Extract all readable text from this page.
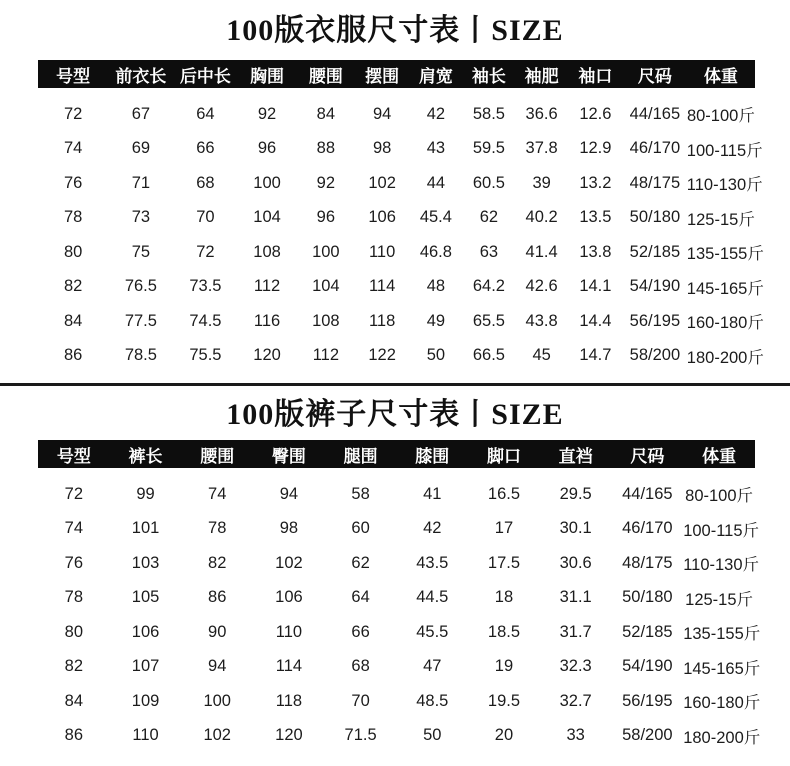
100版衣服尺寸表丨SIZE
号型	前衣长	后中长	胸围	腰围	摆围	肩宽	袖长	袖肥	袖口	尺码	体重
72	67	64	92	84	94	42	58.5	36.6	12.6	44/165	80-100斤
74	69	66	96	88	98	43	59.5	37.8	12.9	46/170	100-115斤
76	71	68	100	92	102	44	60.5	39	13.2	48/175	110-130斤
78	73	70	104	96	106	45.4	62	40.2	13.5	50/180	125-15斤
80	75	72	108	100	110	46.8	63	41.4	13.8	52/185	135-155斤
82	76.5	73.5	112	104	114	48	64.2	42.6	14.1	54/190	145-165斤
84	77.5	74.5	116	108	118	49	65.5	43.8	14.4	56/195	160-180斤
86	78.5	75.5	120	112	122	50	66.5	45	14.7	58/200	180-200斤
100版裤子尺寸表丨SIZE
号型	裤长	腰围	臀围	腿围	膝围	脚口	直裆	尺码	体重
72	99	74	94	58	41	16.5	29.5	44/165	80-100斤
74	101	78	98	60	42	17	30.1	46/170	100-115斤
76	103	82	102	62	43.5	17.5	30.6	48/175	110-130斤
78	105	86	106	64	44.5	18	31.1	50/180	125-15斤
80	106	90	110	66	45.5	18.5	31.7	52/185	135-155斤
82	107	94	114	68	47	19	32.3	54/190	145-165斤
84	109	100	118	70	48.5	19.5	32.7	56/195	160-180斤
86	110	102	120	71.5	50	20	33	58/200	180-200斤
